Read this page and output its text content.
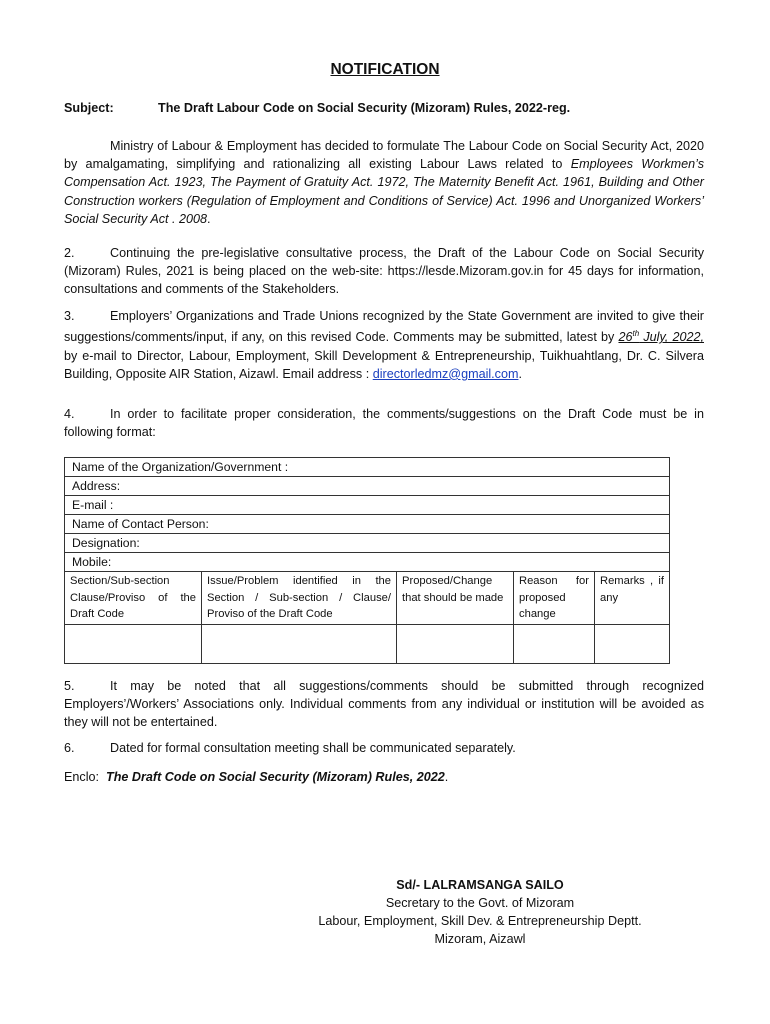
NOTIFICATION
Subject:	The Draft Labour Code on Social Security (Mizoram) Rules, 2022-reg.
Ministry of Labour & Employment has decided to formulate The Labour Code on Social Security Act, 2020 by amalgamating, simplifying and rationalizing all existing Labour Laws related to Employees Workmen’s Compensation Act. 1923, The Payment of Gratuity Act. 1972, The Maternity Benefit Act. 1961, Building and Other Construction workers (Regulation of Employment and Conditions of Service) Act. 1996 and Unorganized Workers’ Social Security Act . 2008.
2.	Continuing the pre-legislative consultative process, the Draft of the Labour Code on Social Security (Mizoram) Rules, 2021 is being placed on the web-site: https://lesde.Mizoram.gov.in for 45 days for information, consultations and comments of the Stakeholders.
3.	Employers’ Organizations and Trade Unions recognized by the State Government are invited to give their suggestions/comments/input, if any, on this revised Code. Comments may be submitted, latest by 26th July, 2022, by e-mail to Director, Labour, Employment, Skill Development & Entrepreneurship, Tuikhuahtlang, Dr. C. Silvera Building, Opposite AIR Station, Aizawl. Email address : directorledmz@gmail.com.
4.	In order to facilitate proper consideration, the comments/suggestions on the Draft Code must be in following format:
Name of the Organization/Government :				
Address:				
E-mail :				
Name of Contact Person:				
Designation:				
Mobile:				
Section/Sub-section Clause/Proviso of the Draft Code	Issue/Problem identified in the Section / Sub-section / Clause/ Proviso of the Draft Code	Proposed/Change that should be made	Reason for proposed change	Remarks , if any

5.	It may be noted that all suggestions/comments should be submitted through recognized Employers’/Workers’ Associations only. Individual comments from any individual or institution will be avoided as they will not be entertained.
6.	Dated for formal consultation meeting shall be communicated separately.
Enclo: The Draft Code on Social Security (Mizoram) Rules, 2022.
Sd/- LALRAMSANGA SAILO
Secretary to the Govt. of Mizoram
Labour, Employment, Skill Dev. & Entrepreneurship Deptt.
Mizoram, Aizawl
